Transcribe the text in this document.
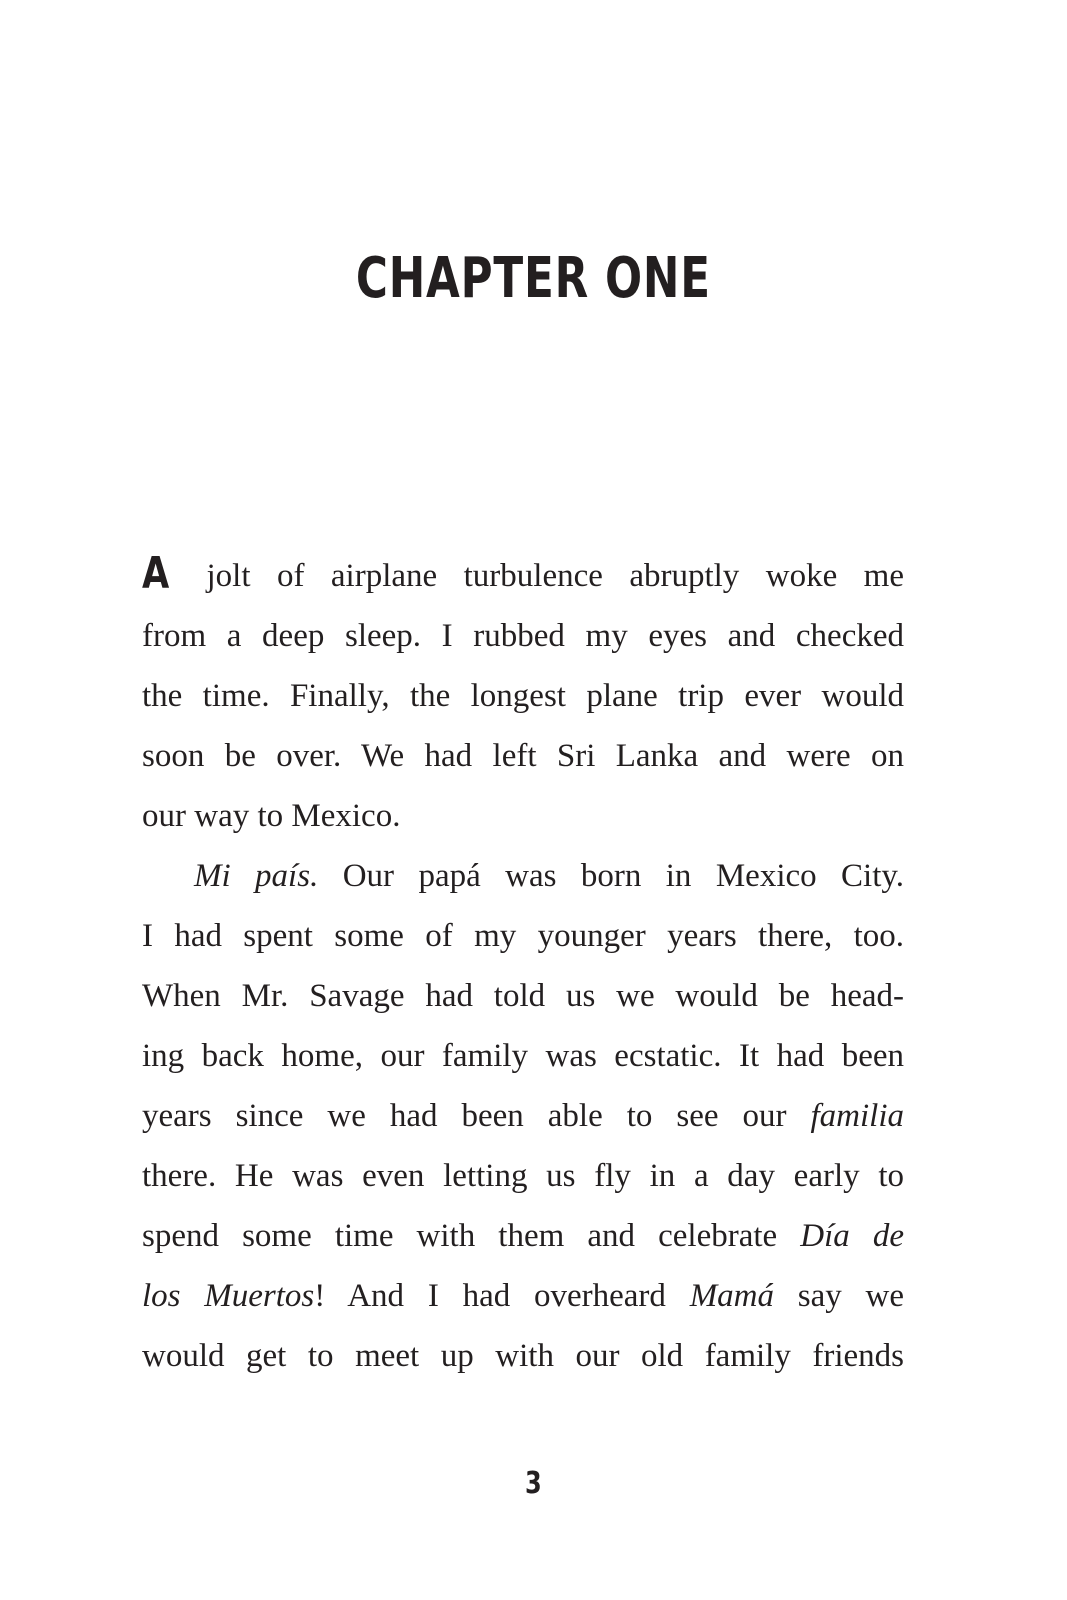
CHAPTER ONE

A jolt of airplane turbulence abruptly woke me
from a deep sleep. I rubbed my eyes and checked
the time. Finally, the longest plane trip ever would
soon be over. We had left Sri Lanka and were on
our way to Mexico.

Mi país. Our papá was born in Mexico City.
I had spent some of my younger years there, too.
When Mr. Savage had told us we would be head-
ing back home, our family was ecstatic. It had been
years since we had been able to see our familia
there. He was even letting us fly in a day early to
spend some time with them and celebrate Día de
los Muertos! And I had overheard Mamá say we
would get to meet up with our old family friends

3
